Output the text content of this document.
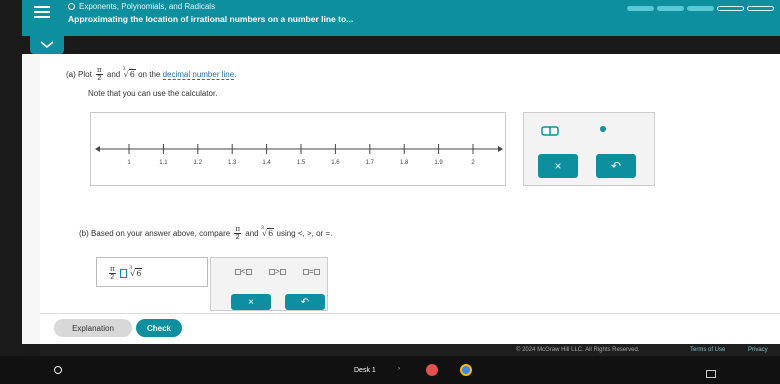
Exponents, Polynomials, and Radicals
Approximating the location of irrational numbers on a number line to...
(a) Plot $\frac{\pi}{2}$ and $^3$√6 on the decimal number line.
Note that you can use the calculator.
1	1.1	1.2	1.3	1.4	1.5	1.6	1.7	1.8	1.9	2	×	↶
(b) Based on your answer above, compare $\frac{\pi}{2}$ and $^3$√6 using <, >, or =.
$\frac{\pi}{2}$	$^3$√6	<	>	=
×	↶
Explanation	Check
© 2024 McGraw Hill LLC. All Rights Reserved.	Terms of Use	Privacy
Desk 1	›
